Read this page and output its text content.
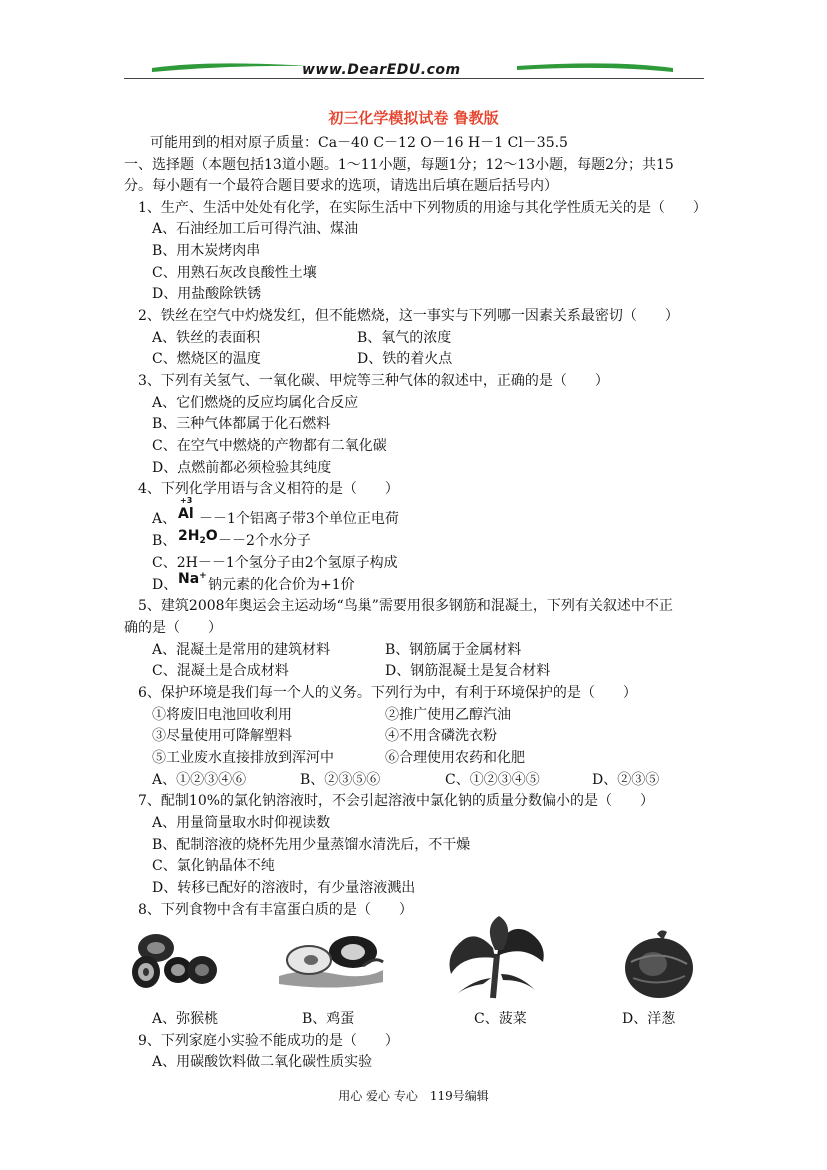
www.DearEDU.com
初三化学模拟试卷 鲁教版
可能用到的相对原子质量：Ca－40 C－12 O－16 H－1 Cl－35.5
一、选择题（本题包括13道小题。1～11小题，每题1分；12～13小题，每题2分；共15
分。每小题有一个最符合题目要求的选项，请选出后填在题后括号内）
1、生产、生活中处处有化学，在实际生活中下列物质的用途与其化学性质无关的是（　　）
A、石油经加工后可得汽油、煤油
B、用木炭烤肉串
C、用熟石灰改良酸性土壤
D、用盐酸除铁锈
2、铁丝在空气中灼烧发红，但不能燃烧，这一事实与下列哪一因素关系最密切（　　）
A、铁丝的表面积	B、氧气的浓度
C、燃烧区的温度	D、铁的着火点
3、下列有关氢气、一氧化碳、甲烷等三种气体的叙述中，正确的是（　　）
A、它们燃烧的反应均属化合反应
B、三种气体都属于化石燃料
C、在空气中燃烧的产物都有二氧化碳
D、点燃前都必须检验其纯度
4、下列化学用语与含义相符的是（　　）
A、
+3
Al －－1个铝离子带3个单位正电荷
B、 $2H_2O --2$个水分子
C、2H－－1个氢分子由2个氢原子构成
D、 Na+
钠元素的化合价为+1价
5、建筑2008年奥运会主运动场“鸟巢”需要用很多钢筋和混凝土，下列有关叙述中不正
确的是（　　）
A、混凝土是常用的建筑材料	B、钢筋属于金属材料
C、混凝土是合成材料	D、钢筋混凝土是复合材料
6、保护环境是我们每一个人的义务。下列行为中，有利于环境保护的是（　　）
①将废旧电池回收利用	②推广使用乙醇汽油
③尽量使用可降解塑料	④不用含磷洗衣粉
⑤工业废水直接排放到浑河中	⑥合理使用农药和化肥
A、①②③④⑥	B、②③⑤⑥	C、①②③④⑤	D、②③⑤
7、配制10%的氯化钠溶液时，不会引起溶液中氯化钠的质量分数偏小的是（　　）
A、用量筒量取水时仰视读数
B、配制溶液的烧杯先用少量蒸馏水清洗后，不干燥
C、氯化钠晶体不纯
D、转移已配好的溶液时，有少量溶液溅出
8、下列食物中含有丰富蛋白质的是（　　）
A、弥猴桃	B、鸡蛋	C、菠菜	D、洋葱
9、下列家庭小实验不能成功的是（　　）
A、用碳酸饮料做二氧化碳性质实验
用心 爱心 专心　119号编辑
